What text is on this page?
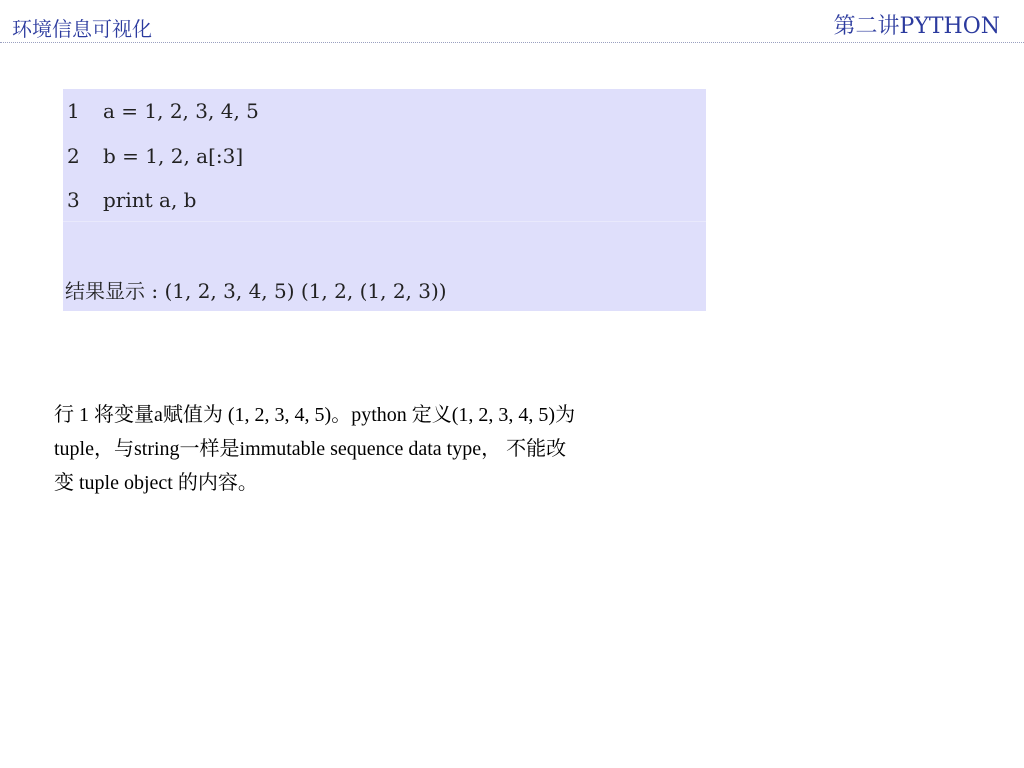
环境信息可视化	第二讲PYTHON
1 a = 1, 2, 3, 4, 5
2 b = 1, 2, a[:3]
3 print a, b
结果显示 : (1, 2, 3, 4, 5) (1, 2, (1, 2, 3))

行 1 将变量a赋值为 (1, 2, 3, 4, 5)。python 定义(1, 2, 3, 4, 5)为

tuple，与string一样是immutable sequence data type， 不能改

变 tuple object 的内容。
